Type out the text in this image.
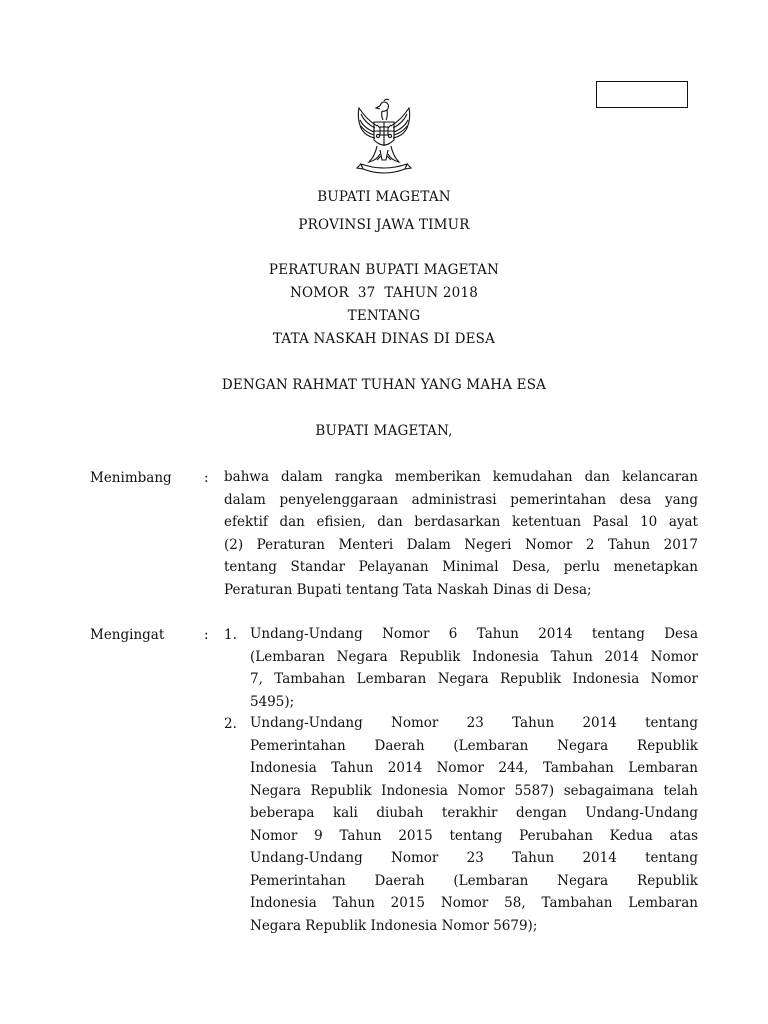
BUPATI MAGETAN
PROVINSI JAWA TIMUR
PERATURAN BUPATI MAGETAN
NOMOR  37  TAHUN 2018
TENTANG
TATA NASKAH DINAS DI DESA
DENGAN RAHMAT TUHAN YANG MAHA ESA
BUPATI MAGETAN,
Menimbang : bahwa dalam rangka memberikan kemudahan dan kelancaran
dalam penyelenggaraan administrasi pemerintahan desa yang
efektif dan efisien, dan berdasarkan ketentuan Pasal 10 ayat
(2) Peraturan Menteri Dalam Negeri Nomor 2 Tahun 2017
tentang Standar Pelayanan Minimal Desa, perlu menetapkan
Peraturan Bupati tentang Tata Naskah Dinas di Desa;
Mengingat	: 1. Undang-Undang Nomor 6 Tahun 2014 tentang Desa
(Lembaran Negara Republik Indonesia Tahun 2014 Nomor
7, Tambahan Lembaran Negara Republik Indonesia Nomor
5495);
2. Undang-Undang Nomor 23 Tahun 2014 tentang
Pemerintahan Daerah (Lembaran Negara Republik
Indonesia Tahun 2014 Nomor 244, Tambahan Lembaran
Negara Republik Indonesia Nomor 5587) sebagaimana telah
beberapa kali diubah terakhir dengan Undang-Undang
Nomor 9 Tahun 2015 tentang Perubahan Kedua atas
Undang-Undang Nomor 23 Tahun 2014 tentang
Pemerintahan Daerah (Lembaran Negara Republik
Indonesia Tahun 2015 Nomor 58, Tambahan Lembaran
Negara Republik Indonesia Nomor 5679);
